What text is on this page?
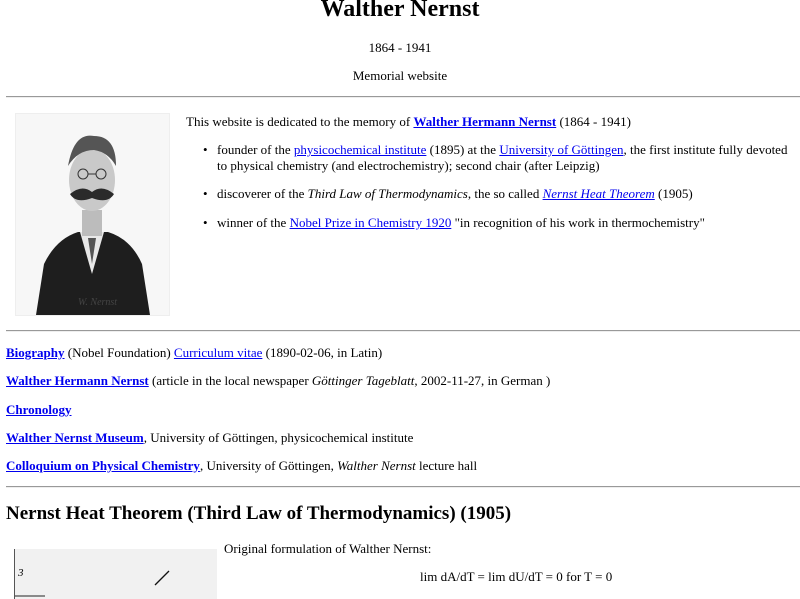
Walther Nernst
1864 - 1941
Memorial website
W. Nernst
This website is dedicated to the memory of Walther Hermann Nernst (1864 - 1941)
• founder of the physicochemical institute (1895) at the University of Göttingen, the first institute fully devoted to physical chemistry (and electrochemistry); second chair (after Leipzig)
• discoverer of the Third Law of Thermodynamics, the so called Nernst Heat Theorem (1905)
• winner of the Nobel Prize in Chemistry 1920 "in recognition of his work in thermochemistry"
Biography (Nobel Foundation) Curriculum vitae (1890-02-06, in Latin)
Walther Hermann Nernst (article in the local newspaper Göttinger Tageblatt, 2002-11-27, in German )
Chronology
Walther Nernst Museum, University of Göttingen, physicochemical institute
Colloquium on Physical Chemistry, University of Göttingen, Walther Nernst lecture hall
Nernst Heat Theorem (Third Law of Thermodynamics) (1905)
3
Original formulation of Walther Nernst:
lim dA/dT = lim dU/dT = 0 for T = 0
